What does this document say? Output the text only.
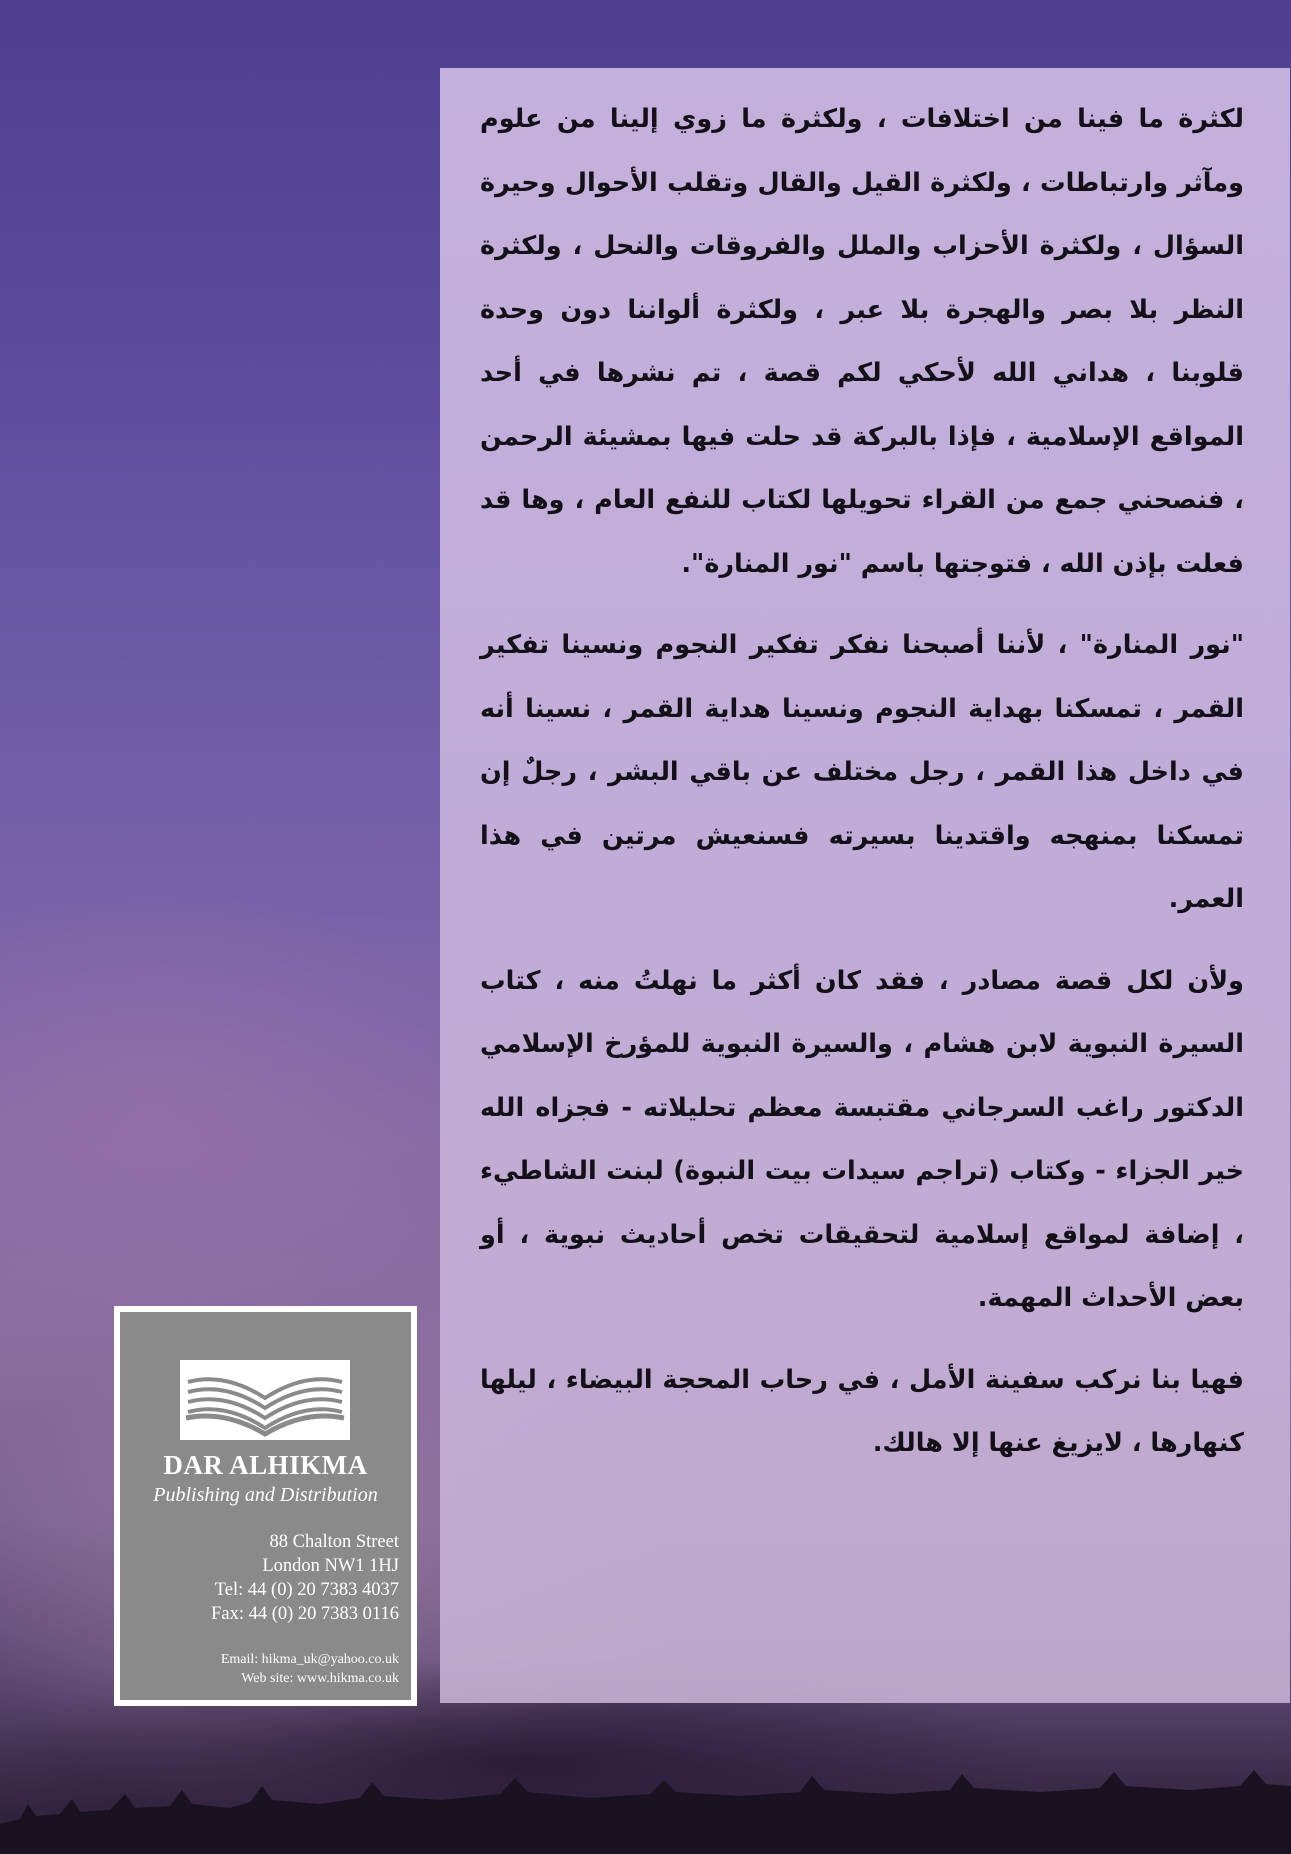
لكثرة ما فينا من اختلافات ، ولكثرة ما زوي إلينا من علوم ومآثر وارتباطات ، ولكثرة القيل والقال وتقلب الأحوال وحيرة السؤال ، ولكثرة الأحزاب والملل والفروقات والنحل ، ولكثرة النظر بلا بصر والهجرة بلا عبر ، ولكثرة ألواننا دون وحدة قلوبنا ، هداني الله لأحكي لكم قصة ، تم نشرها في أحد المواقع الإسلامية ، فإذا بالبركة قد حلت فيها بمشيئة الرحمن ، فنصحني جمع من القراء تحويلها لكتاب للنفع العام ، وها قد فعلت بإذن الله ، فتوجتها باسم "نور المنارة".

"نور المنارة" ، لأننا أصبحنا نفكر تفكير النجوم ونسينا تفكير القمر ، تمسكنا بهداية النجوم ونسينا هداية القمر ، نسينا أنه في داخل هذا القمر ، رجل مختلف عن باقي البشر ، رجلٌ إن تمسكنا بمنهجه واقتدينا بسيرته فسنعيش مرتين في هذا العمر.

ولأن لكل قصة مصادر ، فقد كان أكثر ما نهلتُ منه ، كتاب السيرة النبوية لابن هشام ، والسيرة النبوية للمؤرخ الإسلامي الدكتور راغب السرجاني مقتبسة معظم تحليلاته - فجزاه الله خير الجزاء - وكتاب (تراجم سيدات بيت النبوة) لبنت الشاطيء ، إضافة لمواقع إسلامية لتحقيقات تخص أحاديث نبوية ، أو بعض الأحداث المهمة.

فهيا بنا نركب سفينة الأمل ، في رحاب المحجة البيضاء ، ليلها كنهارها ، لايزيغ عنها إلا هالك.

DAR ALHIKMA

Publishing and Distribution

88 Chalton Street
London NW1 1HJ
Tel: 44 (0) 20 7383 4037
Fax: 44 (0) 20 7383 0116

Email: hikma_uk@yahoo.co.uk
Web site: www.hikma.co.uk
